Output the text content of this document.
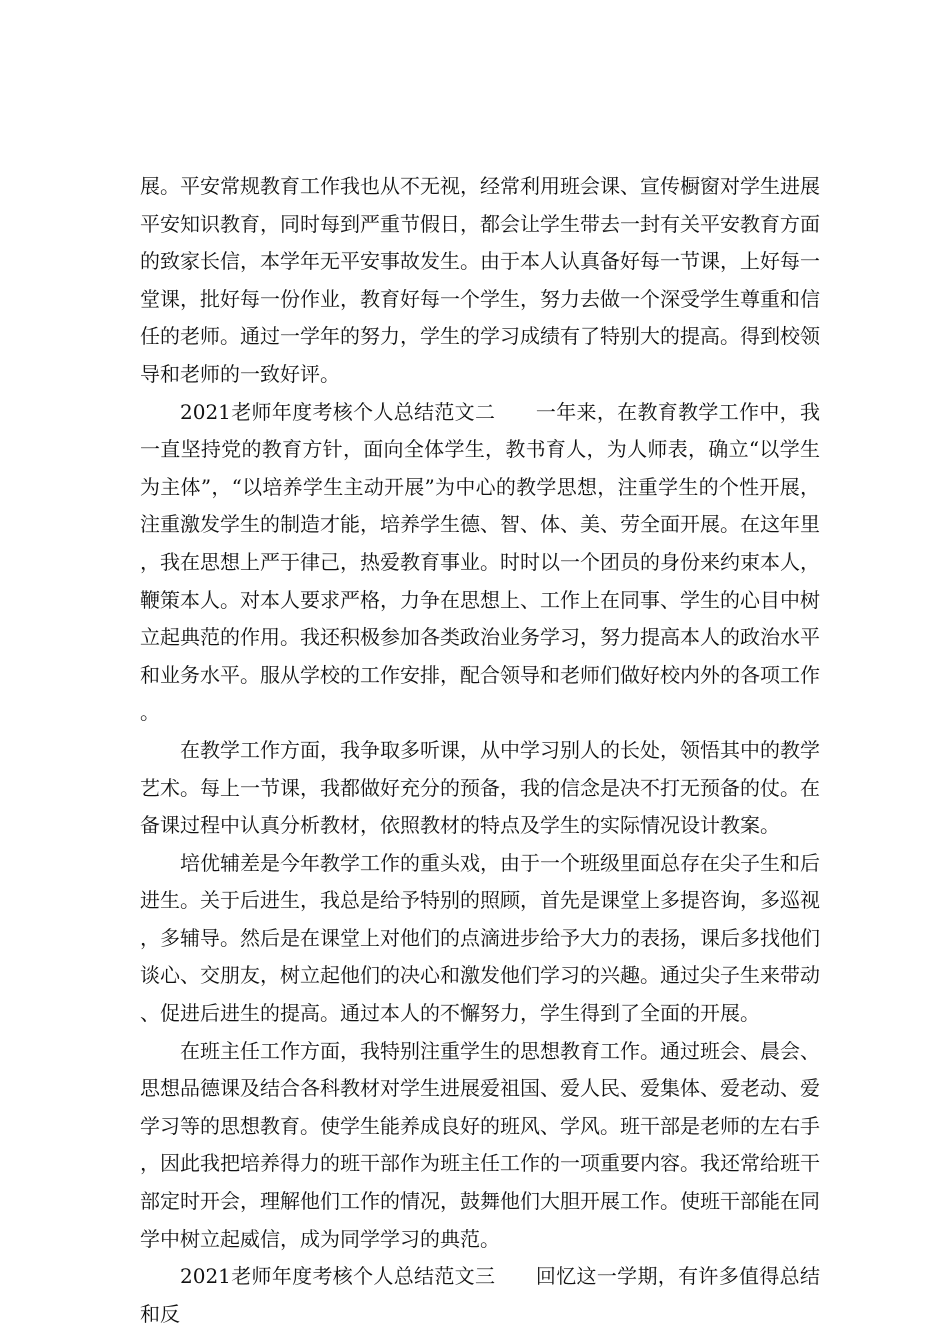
展。平安常规教育工作我也从不无视，经常利用班会课、宣传橱窗对学生进展平安知识教育，同时每到严重节假日，都会让学生带去一封有关平安教育方面的致家长信，本学年无平安事故发生。由于本人认真备好每一节课，上好每一堂课，批好每一份作业，教育好每一个学生，努力去做一个深受学生尊重和信任的老师。通过一学年的努力，学生的学习成绩有了特别大的提高。得到校领导和老师的一致好评。

2021老师年度考核个人总结范文二　　一年来，在教育教学工作中，我一直坚持党的教育方针，面向全体学生，教书育人，为人师表，确立“以学生为主体”，“以培养学生主动开展”为中心的教学思想，注重学生的个性开展，注重激发学生的制造才能，培养学生德、智、体、美、劳全面开展。在这年里，我在思想上严于律己，热爱教育事业。时时以一个团员的身份来约束本人，鞭策本人。对本人要求严格，力争在思想上、工作上在同事、学生的心目中树立起典范的作用。我还积极参加各类政治业务学习，努力提高本人的政治水平和业务水平。服从学校的工作安排，配合领导和老师们做好校内外的各项工作。

在教学工作方面，我争取多听课，从中学习别人的长处，领悟其中的教学艺术。每上一节课，我都做好充分的预备，我的信念是决不打无预备的仗。在备课过程中认真分析教材，依照教材的特点及学生的实际情况设计教案。

培优辅差是今年教学工作的重头戏，由于一个班级里面总存在尖子生和后进生。关于后进生，我总是给予特别的照顾，首先是课堂上多提咨询，多巡视，多辅导。然后是在课堂上对他们的点滴进步给予大力的表扬，课后多找他们谈心、交朋友，树立起他们的决心和激发他们学习的兴趣。通过尖子生来带动、促进后进生的提高。通过本人的不懈努力，学生得到了全面的开展。

在班主任工作方面，我特别注重学生的思想教育工作。通过班会、晨会、思想品德课及结合各科教材对学生进展爱祖国、爱人民、爱集体、爱老动、爱学习等的思想教育。使学生能养成良好的班风、学风。班干部是老师的左右手，因此我把培养得力的班干部作为班主任工作的一项重要内容。我还常给班干部定时开会，理解他们工作的情况，鼓舞他们大胆开展工作。使班干部能在同学中树立起威信，成为同学学习的典范。

2021老师年度考核个人总结范文三　　回忆这一学期，有许多值得总结和反
